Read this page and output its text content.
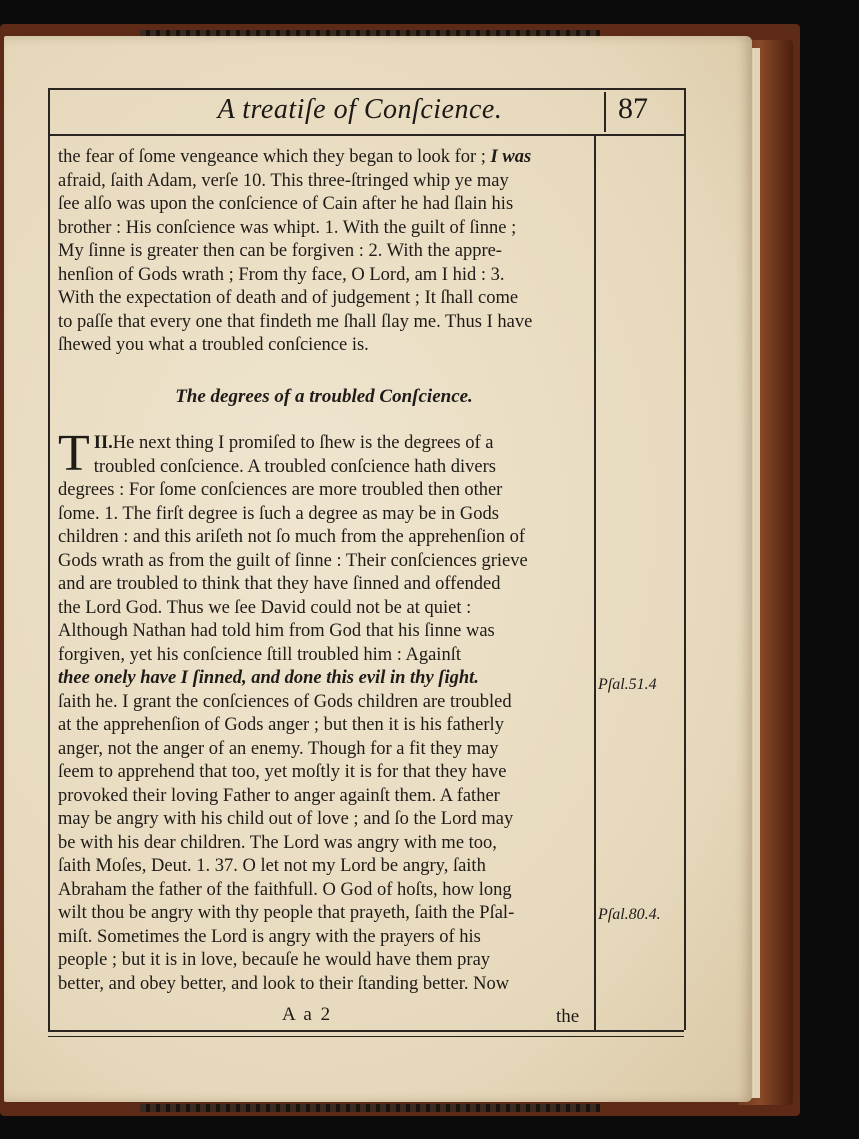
A treatiſe of Conſcience.	87
the fear of ſome vengeance which they began to look for ; I was
afraid, ſaith Adam, verſe 10. This three-ſtringed whip ye may
ſee alſo was upon the conſcience of Cain after he had ſlain his
brother : His conſcience was whipt. 1. With the guilt of ſinne ;
My ſinne is greater then can be forgiven : 2. With the appre-
henſion of Gods wrath ; From thy face, O Lord, am I hid : 3.
With the expectation of death and of judgement ; It ſhall come
to paſſe that every one that findeth me ſhall ſlay me. Thus I have
ſhewed you what a troubled conſcience is.
The degrees of a troubled Conſcience.
II.
T He next thing I promiſed to ſhew is the degrees of a
troubled conſcience. A troubled conſcience hath divers
degrees : For ſome conſciences are more troubled then other
ſome. 1. The firſt degree is ſuch a degree as may be in Gods
children : and this ariſeth not ſo much from the apprehenſion of
Gods wrath as from the guilt of ſinne : Their conſciences grieve
and are troubled to think that they have ſinned and offended
the Lord God. Thus we ſee David could not be at quiet :
Although Nathan had told him from God that his ſinne was
forgiven, yet his conſcience ſtill troubled him : Againſt
thee onely have I ſinned, and done this evil in thy ſight.
ſaith he. I grant the conſciences of Gods children are troubled
at the apprehenſion of Gods anger ; but then it is his fatherly
anger, not the anger of an enemy. Though for a fit they may
ſeem to apprehend that too, yet moſtly it is for that they have
provoked their loving Father to anger againſt them. A father
may be angry with his child out of love ; and ſo the Lord may
be with his dear children. The Lord was angry with me too,
ſaith Moſes, Deut. 1. 37. O let not my Lord be angry, ſaith
Abraham the father of the faithfull. O God of hoſts, how long
wilt thou be angry with thy people that prayeth, ſaith the Pſal-
miſt. Sometimes the Lord is angry with the prayers of his
people ; but it is in love, becauſe he would have them pray
better, and obey better, and look to their ſtanding better. Now
Pſal.51.4
Pſal.80.4.
A a 2	the
